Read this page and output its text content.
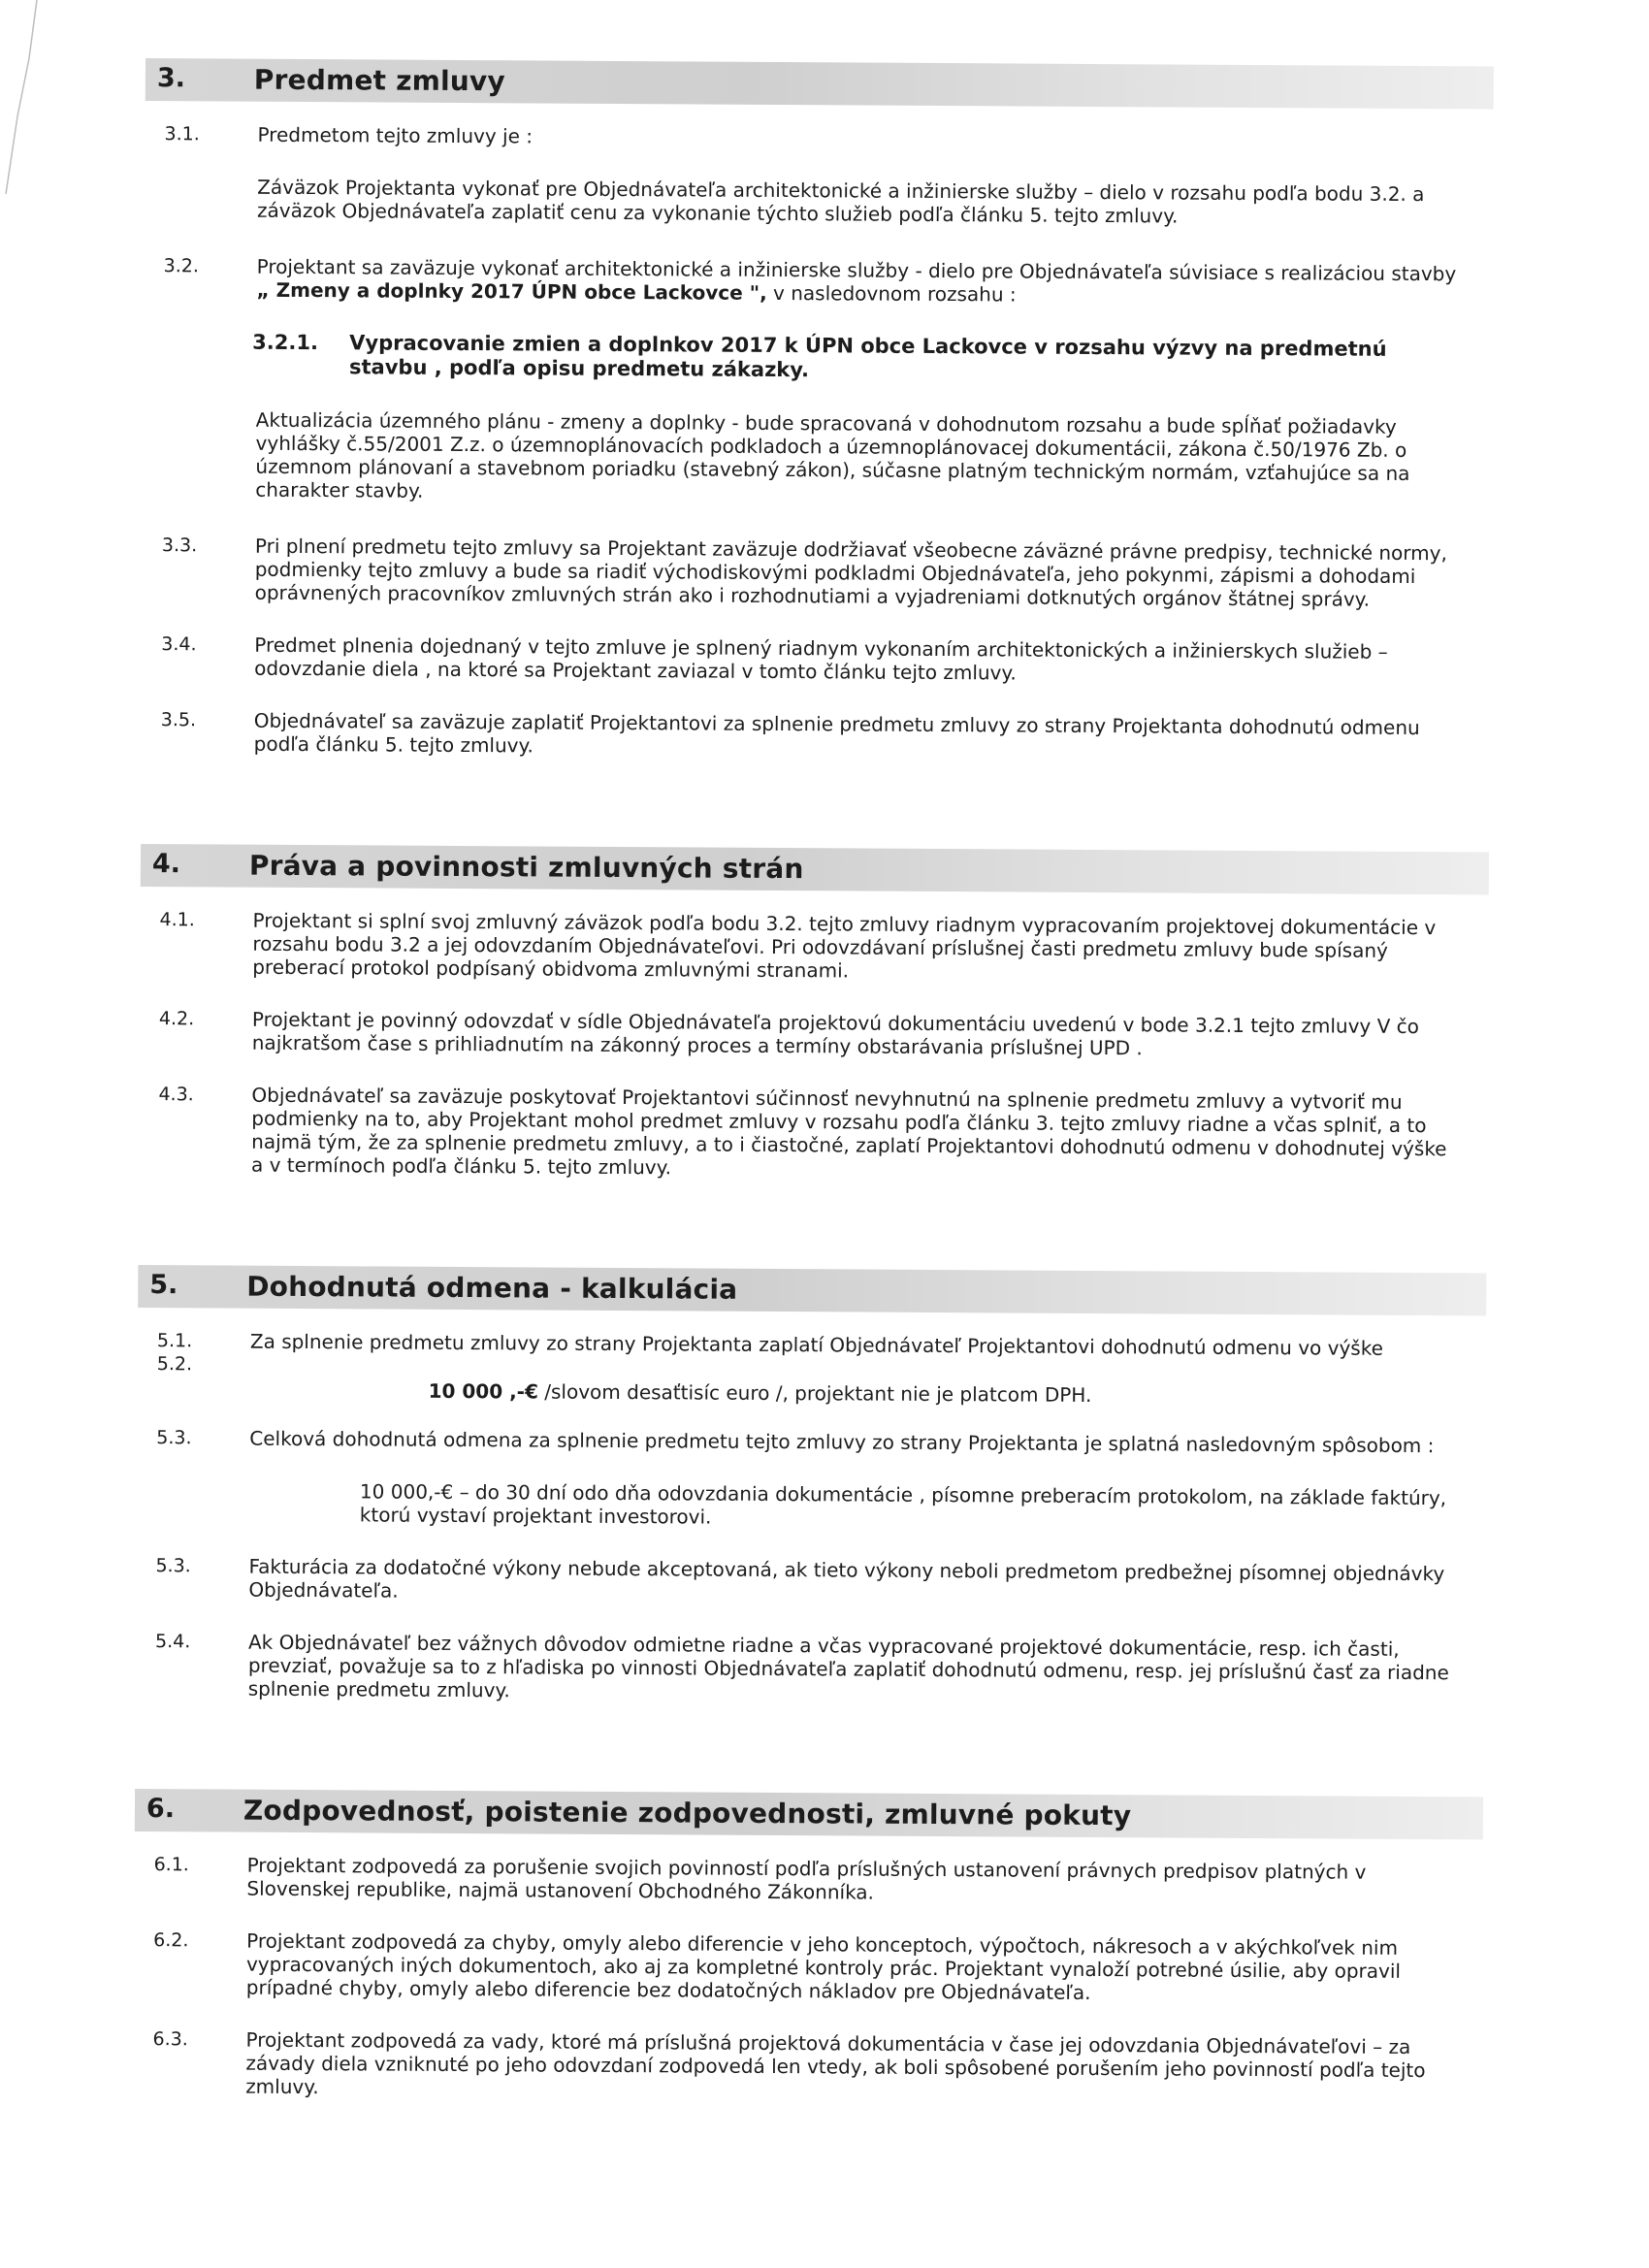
3.	Predmet zmluvy
3.1.	Predmetom tejto zmluvy je :
Záväzok Projektanta vykonať pre Objednávateľa architektonické a inžinierske služby – dielo v rozsahu podľa bodu 3.2. a záväzok Objednávateľa zaplatiť cenu za vykonanie týchto služieb podľa článku 5. tejto zmluvy.
3.2.	Projektant sa zaväzuje vykonať architektonické a inžinierske služby - dielo pre Objednávateľa súvisiace s realizáciou stavby „ Zmeny a doplnky 2017 ÚPN obce Lackovce ", v nasledovnom rozsahu :
3.2.1. Vypracovanie zmien a doplnkov 2017 k ÚPN obce Lackovce v rozsahu výzvy na predmetnú stavbu , podľa opisu predmetu zákazky.
Aktualizácia územného plánu - zmeny a doplnky - bude spracovaná v dohodnutom rozsahu a bude spĺňať požiadavky vyhlášky č.55/2001 Z.z. o územnoplánovacích podkladoch a územnoplánovacej dokumentácii, zákona č.50/1976 Zb. o územnom plánovaní a stavebnom poriadku (stavebný zákon), súčasne platným technickým normám, vzťahujúce sa na charakter stavby.
3.3.	Pri plnení predmetu tejto zmluvy sa Projektant zaväzuje dodržiavať všeobecne záväzné právne predpisy, technické normy, podmienky tejto zmluvy a bude sa riadiť východiskovými podkladmi Objednávateľa, jeho pokynmi, zápismi a dohodami oprávnených pracovníkov zmluvných strán ako i rozhodnutiami a vyjadreniami dotknutých orgánov štátnej správy.
3.4.	Predmet plnenia dojednaný v tejto zmluve je splnený riadnym vykonaním architektonických a inžinierskych služieb – odovzdanie diela , na ktoré sa Projektant zaviazal v tomto článku tejto zmluvy.
3.5.	Objednávateľ sa zaväzuje zaplatiť Projektantovi za splnenie predmetu zmluvy zo strany Projektanta dohodnutú odmenu podľa článku 5. tejto zmluvy.
4.	Práva a povinnosti zmluvných strán
4.1.	Projektant si splní svoj zmluvný záväzok podľa bodu 3.2. tejto zmluvy riadnym vypracovaním projektovej dokumentácie v rozsahu bodu 3.2 a jej odovzdaním Objednávateľovi. Pri odovzdávaní príslušnej časti predmetu zmluvy bude spísaný preberací protokol podpísaný obidvoma zmluvnými stranami.
4.2.	Projektant je povinný odovzdať v sídle Objednávateľa projektovú dokumentáciu uvedenú v bode 3.2.1 tejto zmluvy V čo najkratšom čase s prihliadnutím na zákonný proces a termíny obstarávania príslušnej UPD .
4.3.	Objednávateľ sa zaväzuje poskytovať Projektantovi súčinnosť nevyhnutnú na splnenie predmetu zmluvy a vytvoriť mu podmienky na to, aby Projektant mohol predmet zmluvy v rozsahu podľa článku 3. tejto zmluvy riadne a včas splniť, a to najmä tým, že za splnenie predmetu zmluvy, a to i čiastočné, zaplatí Projektantovi dohodnutú odmenu v dohodnutej výške a v termínoch podľa článku 5. tejto zmluvy.
5.	Dohodnutá odmena - kalkulácia
5.1.
5.2.
Za splnenie predmetu zmluvy zo strany Projektanta zaplatí Objednávateľ Projektantovi dohodnutú odmenu vo výške
10 000 ,-€ /slovom desaťtisíc euro /, projektant nie je platcom DPH.
5.3.	Celková dohodnutá odmena za splnenie predmetu tejto zmluvy zo strany Projektanta je splatná nasledovným spôsobom :
10 000,-€ – do 30 dní odo dňa odovzdania dokumentácie , písomne preberacím protokolom, na základe faktúry, ktorú vystaví projektant investorovi.
5.3.	Fakturácia za dodatočné výkony nebude akceptovaná, ak tieto výkony neboli predmetom predbežnej písomnej objednávky Objednávateľa.
5.4.	Ak Objednávateľ bez vážnych dôvodov odmietne riadne a včas vypracované projektové dokumentácie, resp. ich časti, prevziať, považuje sa to z hľadiska po vinnosti Objednávateľa zaplatiť dohodnutú odmenu, resp. jej príslušnú časť za riadne splnenie predmetu zmluvy.
6.	Zodpovednosť, poistenie zodpovednosti, zmluvné pokuty
6.1.	Projektant zodpovedá za porušenie svojich povinností podľa príslušných ustanovení právnych predpisov platných v Slovenskej republike, najmä ustanovení Obchodného Zákonníka.
6.2.	Projektant zodpovedá za chyby, omyly alebo diferencie v jeho konceptoch, výpočtoch, nákresoch a v akýchkoľvek nim vypracovaných iných dokumentoch, ako aj za kompletné kontroly prác. Projektant vynaloží potrebné úsilie, aby opravil prípadné chyby, omyly alebo diferencie bez dodatočných nákladov pre Objednávateľa.
6.3.	Projektant zodpovedá za vady, ktoré má príslušná projektová dokumentácia v čase jej odovzdania Objednávateľovi – za závady diela vzniknuté po jeho odovzdaní zodpovedá len vtedy, ak boli spôsobené porušením jeho povinností podľa tejto zmluvy.
